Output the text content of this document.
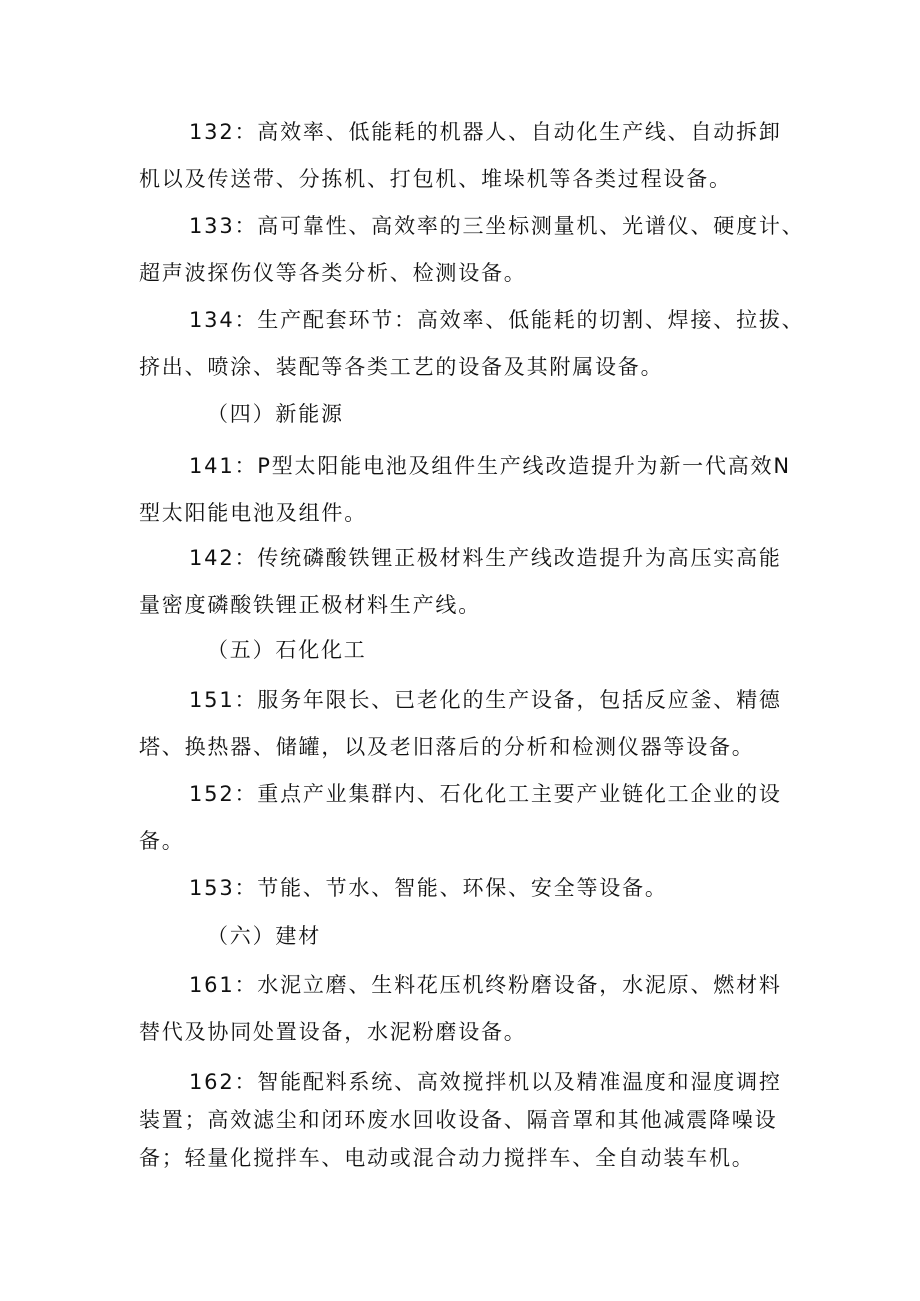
132：高效率、低能耗的机器人、自动化生产线、自动拆卸
机以及传送带、分拣机、打包机、堆垛机等各类过程设备。
133：高可靠性、高效率的三坐标测量机、光谱仪、硬度计、
超声波探伤仪等各类分析、检测设备。
134：生产配套环节：高效率、低能耗的切割、焊接、拉拔、
挤出、喷涂、装配等各类工艺的设备及其附属设备。
（四）新能源
141：P型太阳能电池及组件生产线改造提升为新一代高效N
型太阳能电池及组件。
142：传统磷酸铁锂正极材料生产线改造提升为高压实高能
量密度磷酸铁锂正极材料生产线。
（五）石化化工
151：服务年限长、已老化的生产设备，包括反应釜、精德
塔、换热器、储罐，以及老旧落后的分析和检测仪器等设备。
152：重点产业集群内、石化化工主要产业链化工企业的设
备。
153：节能、节水、智能、环保、安全等设备。
（六）建材
161：水泥立磨、生料花压机终粉磨设备，水泥原、燃材料
替代及协同处置设备，水泥粉磨设备。
162：智能配料系统、高效搅拌机以及精准温度和湿度调控
装置；高效滤尘和闭环废水回收设备、隔音罩和其他减震降噪设
备；轻量化搅拌车、电动或混合动力搅拌车、全自动装车机。
